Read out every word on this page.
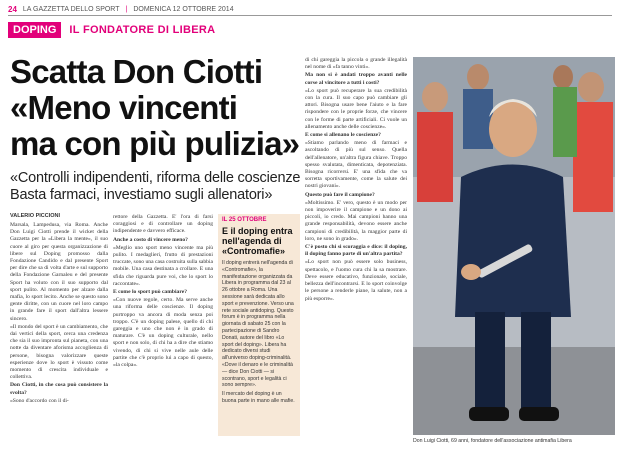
24 LA GAZZETTA DELLO SPORT | DOMENICA 12 OTTOBRE 2014
DOPING	IL FONDATORE DI LIBERA
Scatta Don Ciotti
«Meno vincenti
ma con più pulizia»
«Controlli indipendenti, riforma delle coscienze
Basta farmaci, investiamo sugli allenatori»
VALERIO PICCIONI

Marsala, Lampedusa, via Roma. Anche Don Luigi Ciotti prende il wicket della Gazzetta per la «Libera la mente», il suo cuore al giro per questa organizzazione di libere sul Doping promosso dalla Fondazione Candido e dal presente Sport per dire che sa di volta d'arte e sul supporto della Fondazione Garnaleu e del presente Sport ha voluto con il suo supporto dal sport pulito. Al momento per alzare dalla mafia, lo sport lecito. Anche se questo sono gente diritte, con un cuore nel loro campo in grande fare il sport dall'altra lessere sincero.

«Il mondo del sport è un cambiamento, che dai vertici della sport, cerca una credenza che sia il suo impronta sul pianeta, con una notte da diventare aforisma accoglienza di persone, bisogna valorizzare queste esperienze dove lo sport è vissuto come momento di crescita individuale e collettiva.

Don Ciotti, in che cosa può consistere la svolta?

«Sono d'accordo con il di-

rettore della Gazzetta. E' l'ora di farsi coraggiosi e di controllare un doping indipendente e davvero efficace.

Anche a costo di vincere meno?

«Meglio uno sport meno vincente ma più pulito. I medaglieri, frutto di prestazioni truccate, sono una casa costruita sulla sabbia mobile. Una casa destinata a crollare. E una sfida che riguarda pure voi, che lo sport lo raccontate».

E come lo sport può cambiare?

«Con nuove regole, certo. Ma serve anche una riforma delle coscienze. Il doping purtroppo va ancora di moda senza poi troppo. C'è un doping palese, quello di chi gareggia e uno che non è in grado di maturare. C'è un doping culturale, nello sport e non solo, di chi ha a dire che stiamo vivendo, di chi si vive nelle aule delle partite che c'è proprio lui a capo di questo, «la colpa».

IL 25 OTTOBRE
E il doping entra nell'agenda di «Contromafie»
Il doping entrerà nell'agenda di «Contromafie», la manifestazione organizzata da Libera in programma dal 23 al 26 ottobre a Roma. Una sessione sarà dedicata allo sport e prevenzione. Verso una rete sociale antidoping. Questo forum è in programma nella giornata di sabato 25 con la partecipazione di Sandro Donati, autore del libro «Lo sport del doping». Libera ha dedicato diversi studi all'universo doping-criminalità. «Dove il denaro e le criminalità — dice Don Ciotti — si scontrano, sport e legalità ci sono sempre».
Il mercato del doping è un buona parte in mano alle mafie.

di chi gareggia la piccola o grande illegalità nel nome di «fa tanno vinti».

Ma non si è andati troppo avanti nelle corse al vincitore a tutti i costi?

«Lo sport può recuperare la sua credibilità con la cura. Il suo capo può cambiare gli attori. Bisogna usare bene l'aiuto e la fare rispondere con le proprie forze, che vincere con le forme di parte artificiali. Ci vuole un allenamento anche delle coscienze».

E come si allenano le coscienze?

«Stiamo parlando meno di farmaci e ascoltando di più sul senso. Quella dell'allenatore, un'altra figura chiave. Troppo spesso svalutata, dimenticata, depotenziata. Bisogna ricorrersi. E' una sfida che va sorretta sportivamente, come la salute dei nostri giovani».

Questo può fare il campione?

«Moltissimo. E' vero, questo è un modo per non impoverire il campione e un dono ai piccoli, io credo. Mai campioni hanno una grande responsabilità, devono essere anche campioni di credibilità, la maggior parte di loro, ne sono in grado».

C'è posto chi si scoraggia e dice: il doping, il doping fanno parte di un'altra partita?

«Lo sport non può essere solo business, spettacolo, e l'uomo cura chi la sa mostrare. Deve essere educativo, funzionale, sociale, bellezza dell'incontrarsi. E lo sport coinvolge le persone a renderle piane, la salute, non a più esporre».

Don Luigi Ciotti, 69 anni, fondatore dell'associazione antimafia Libera
